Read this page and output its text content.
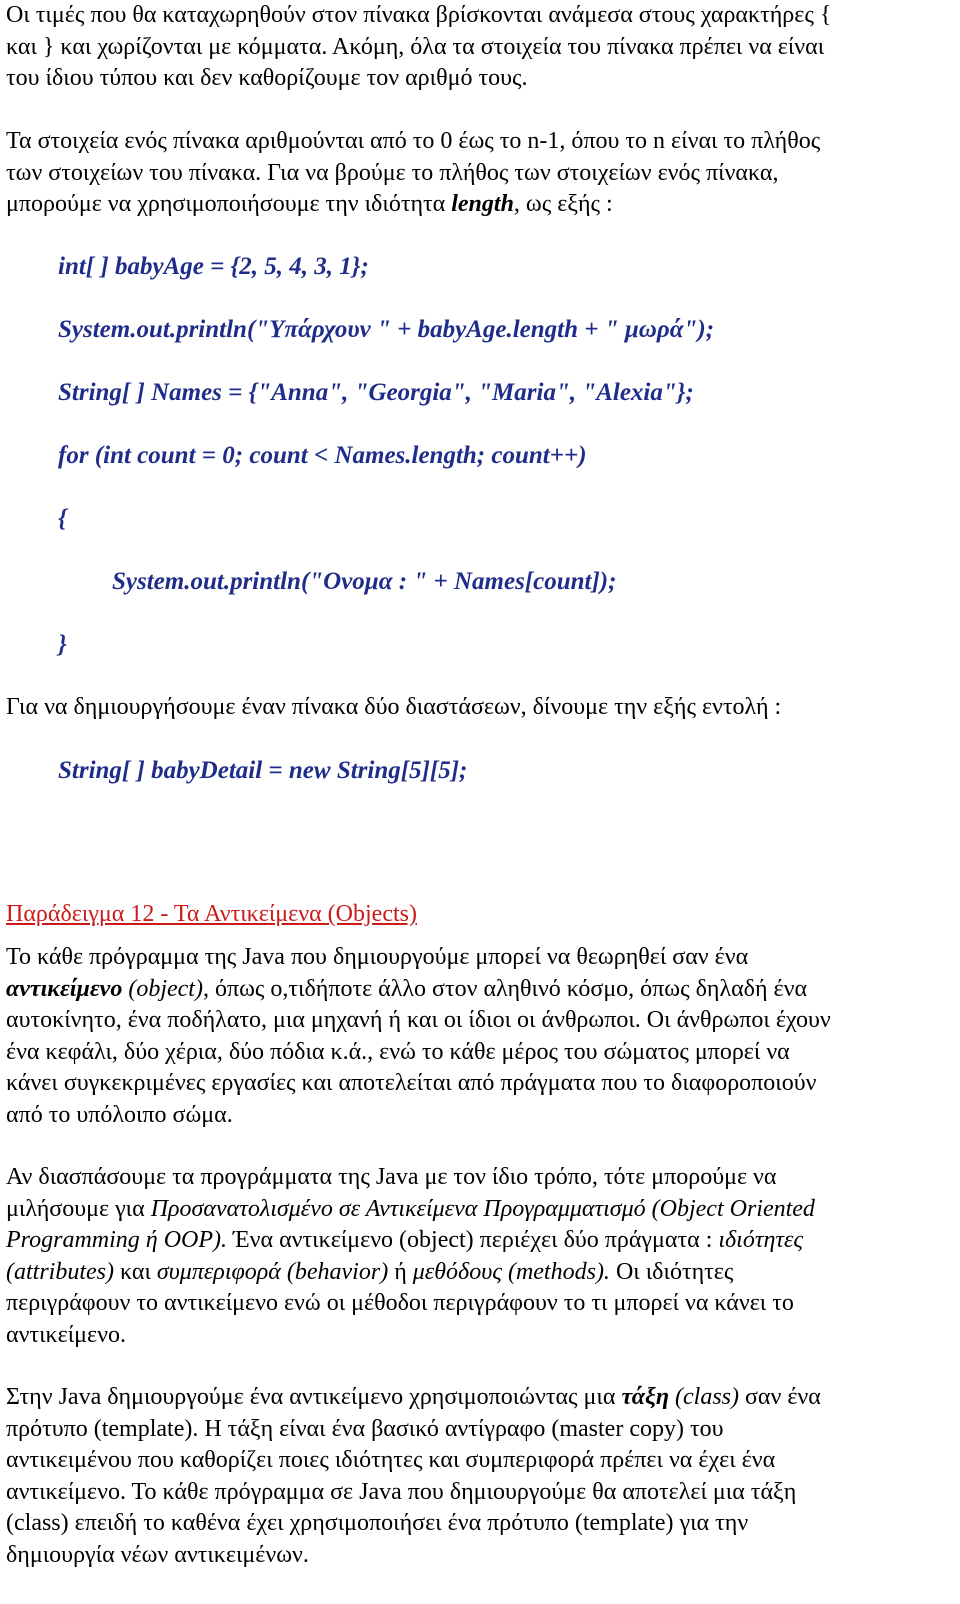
Οι τιμές που θα καταχωρηθούν στον πίνακα βρίσκονται ανάμεσα στους χαρακτήρες {
και } και χωρίζονται με κόμματα. Ακόμη, όλα τα στοιχεία του πίνακα πρέπει να είναι
του ίδιου τύπου και δεν καθορίζουμε τον αριθμό τους.

Τα στοιχεία ενός πίνακα αριθμούνται από το 0 έως το n-1, όπου το n είναι το πλήθος
των στοιχείων του πίνακα. Για να βρούμε το πλήθος των στοιχείων ενός πίνακα,
μπορούμε να χρησιμοποιήσουμε την ιδιότητα length, ως εξής :

int[ ] babyAge = {2, 5, 4, 3, 1};
System.out.println("Υπάρχουν " + babyAge.length + " μωρά");
String[ ] Names = {"Anna", "Georgia", "Maria", "Alexia"};
for (int count = 0; count < Names.length; count++)
{
System.out.println("Ονομα : " + Names[count]);
}

Για να δημιουργήσουμε έναν πίνακα δύο διαστάσεων, δίνουμε την εξής εντολή :

String[ ] babyDetail = new String[5][5];
Παράδειγμα 12 - Τα Αντικείμενα (Objects)

Το κάθε πρόγραμμα της Java που δημιουργούμε μπορεί να θεωρηθεί σαν ένα
αντικείμενο (object), όπως ο,τιδήποτε άλλο στον αληθινό κόσμο, όπως δηλαδή ένα
αυτοκίνητο, ένα ποδήλατο, μια μηχανή ή και οι ίδιοι οι άνθρωποι. Οι άνθρωποι έχουν
ένα κεφάλι, δύο χέρια, δύο πόδια κ.ά., ενώ το κάθε μέρος του σώματος μπορεί να
κάνει συγκεκριμένες εργασίες και αποτελείται από πράγματα που το διαφοροποιούν
από το υπόλοιπο σώμα.

Αν διασπάσουμε τα προγράμματα της Java με τον ίδιο τρόπο, τότε μπορούμε να
μιλήσουμε για Προσανατολισμένο σε Αντικείμενα Προγραμματισμό (Object Oriented
Programming ή OOP). Ένα αντικείμενο (object) περιέχει δύο πράγματα : ιδιότητες
(attributes) και συμπεριφορά (behavior) ή μεθόδους (methods). Οι ιδιότητες
περιγράφουν το αντικείμενο ενώ οι μέθοδοι περιγράφουν το τι μπορεί να κάνει το
αντικείμενο.

Στην Java δημιουργούμε ένα αντικείμενο χρησιμοποιώντας μια τάξη (class) σαν ένα
πρότυπο (template). Η τάξη είναι ένα βασικό αντίγραφο (master copy) του
αντικειμένου που καθορίζει ποιες ιδιότητες και συμπεριφορά πρέπει να έχει ένα
αντικείμενο. Το κάθε πρόγραμμα σε Java που δημιουργούμε θα αποτελεί μια τάξη
(class) επειδή το καθένα έχει χρησιμοποιήσει ένα πρότυπο (template) για την
δημιουργία νέων αντικειμένων.
